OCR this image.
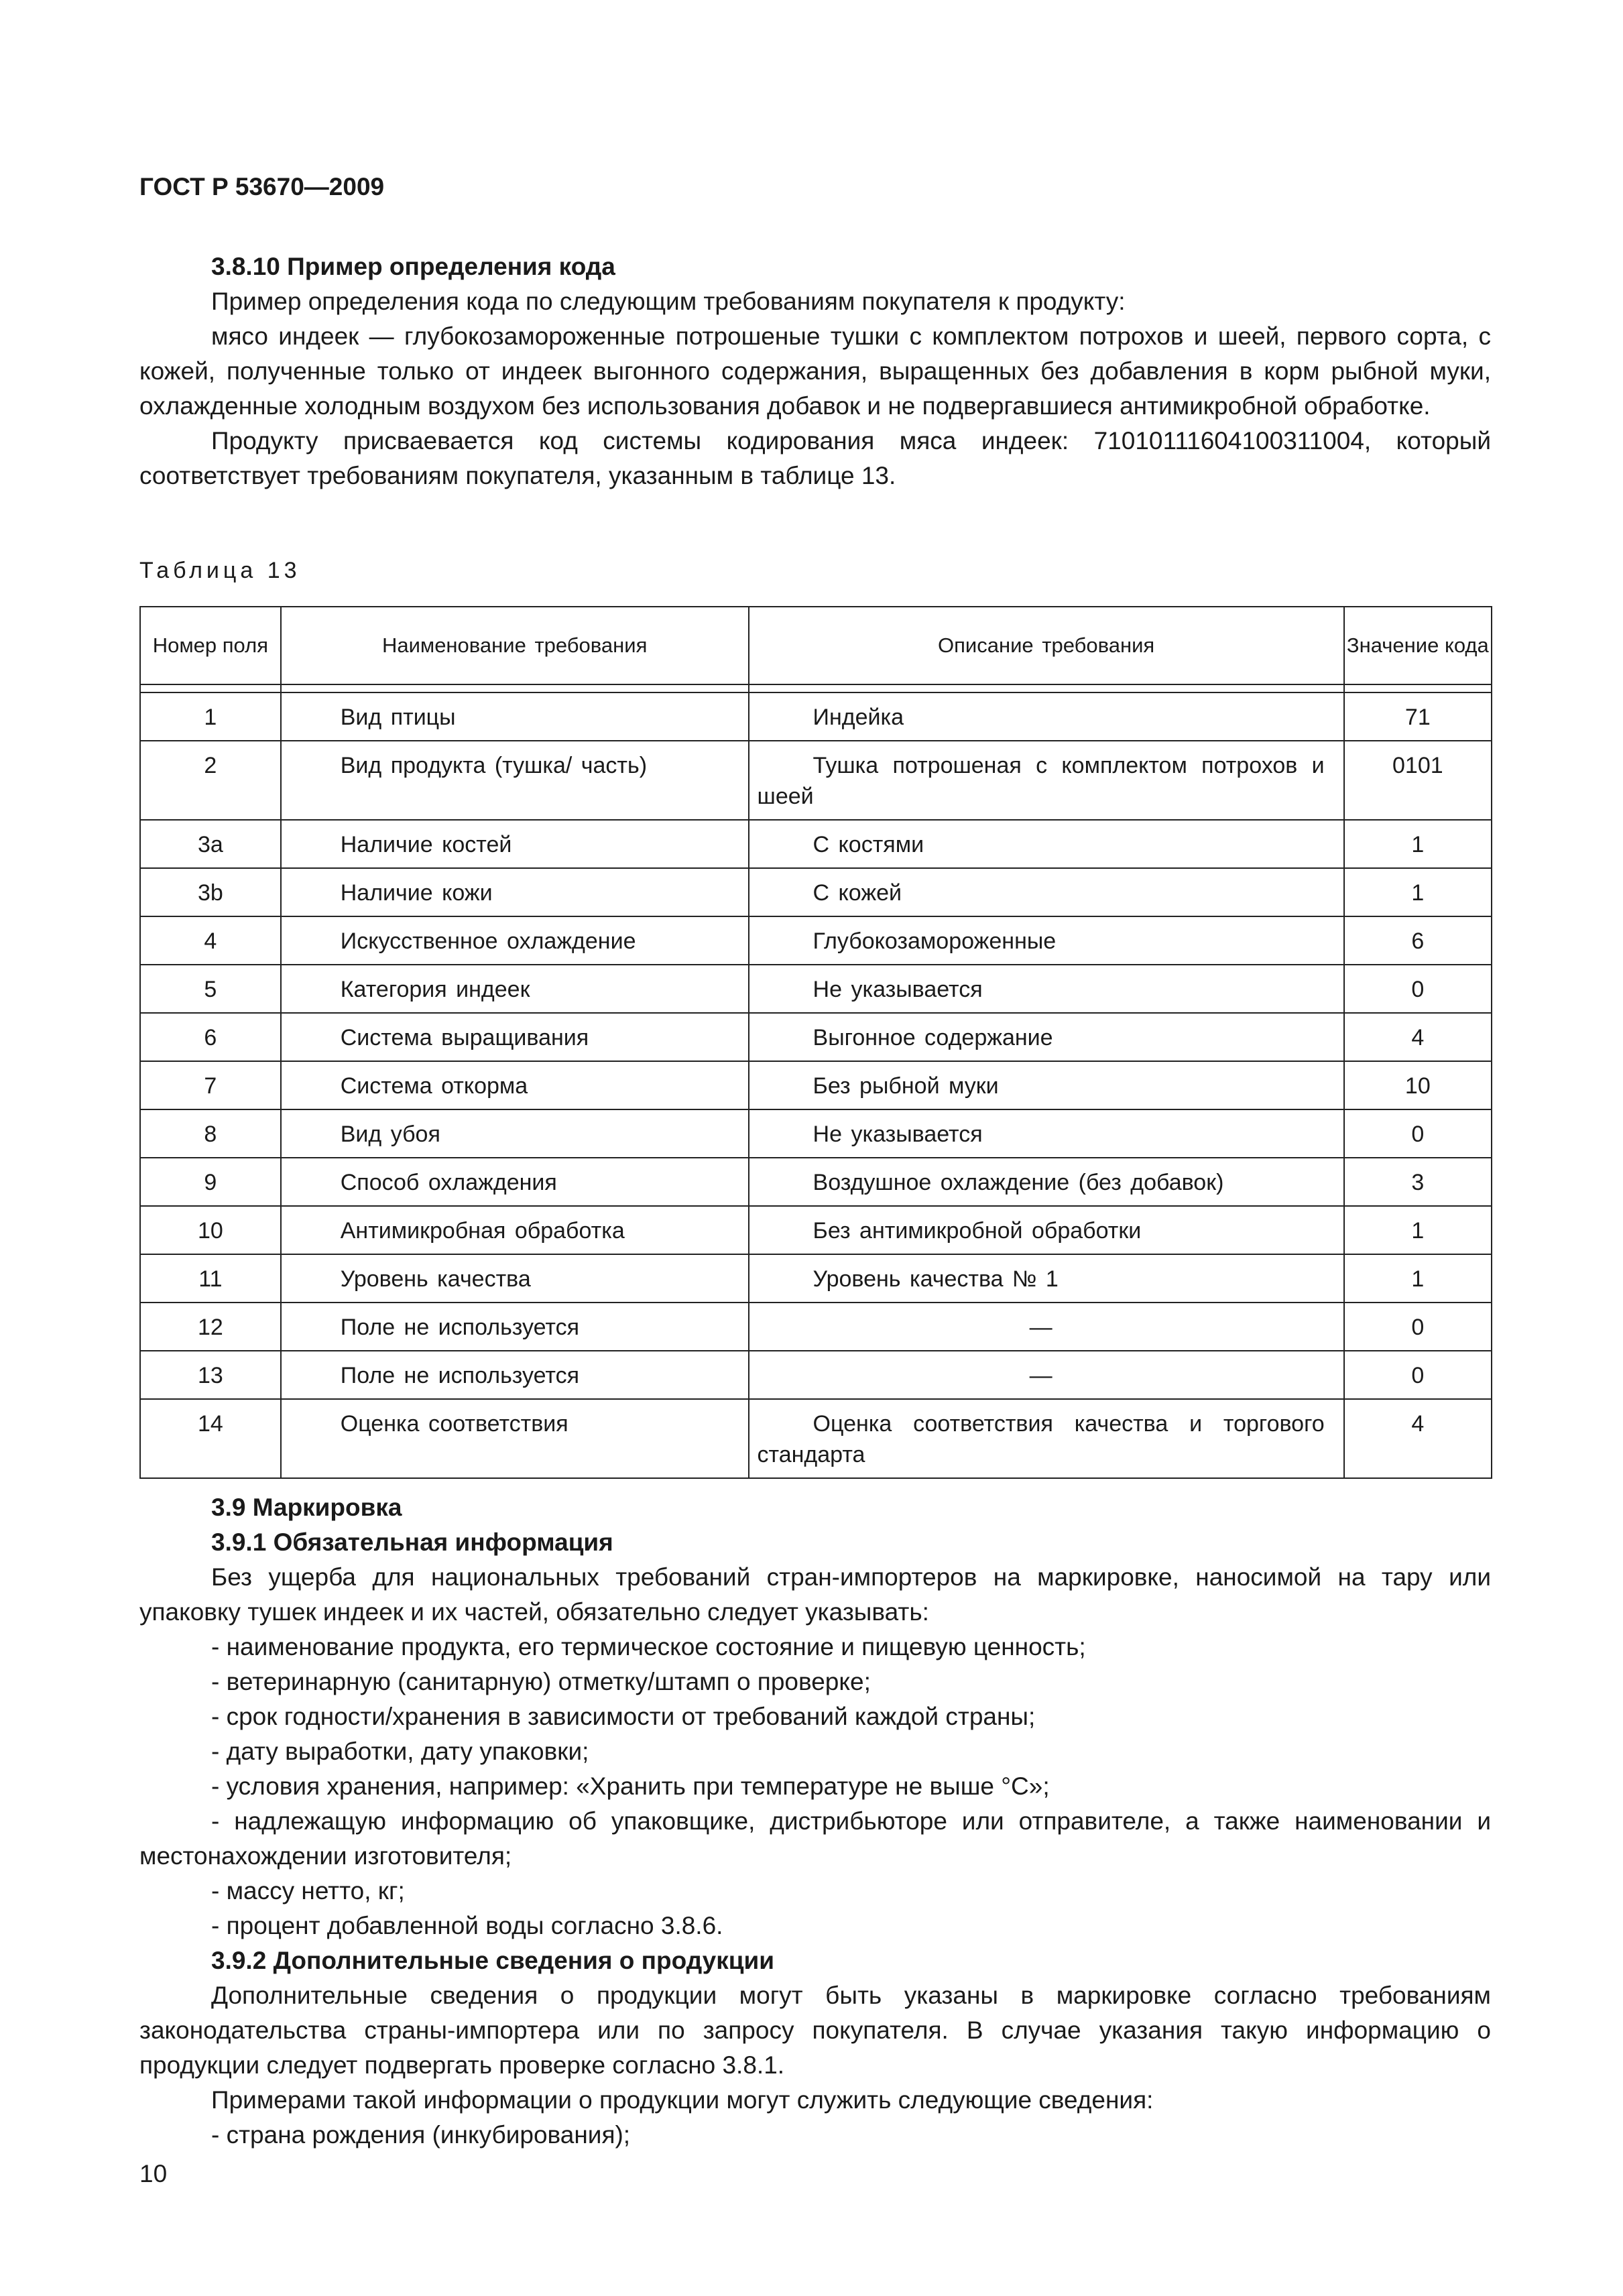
ГОСТ Р 53670—2009

3.8.10 Пример определения кода

Пример определения кода по следующим требованиям покупателя к продукту:

мясо индеек — глубокозамороженные потрошеные тушки с комплектом потрохов и шеей, первого сорта, с кожей, полученные только от индеек выгонного содержания, выращенных без добавления в корм рыбной муки, охлажденные холодным воздухом без использования добавок и не подвергавшиеся антимикробной обработке.

Продукту присваевается код системы кодирования мяса индеек: 71010111604100311004, который соответствует требованиям покупателя, указанным в таблице 13.

Таблица 13
Номер поля	Наименование требования	Описание требования	Значение кода

1	Вид птицы	Индейка	71
2	Вид продукта (тушка/ часть)	Тушка потрошеная с комплектом потрохов и шеей	0101
3a	Наличие костей	С костями	1
3b	Наличие кожи	С кожей	1
4	Искусственное охлаждение	Глубокозамороженные	6
5	Категория индеек	Не указывается	0
6	Система выращивания	Выгонное содержание	4
7	Система откорма	Без рыбной муки	10
8	Вид убоя	Не указывается	0
9	Способ охлаждения	Воздушное охлаждение (без добавок)	3
10	Антимикробная обработка	Без антимикробной обработки	1
11	Уровень качества	Уровень качества № 1	1
12	Поле не используется	—	0
13	Поле не используется	—	0
14	Оценка соответствия	Оценка соответствия качества и торгового стандарта	4

3.9 Маркировка

3.9.1 Обязательная информация

Без ущерба для национальных требований стран-импортеров на маркировке, наносимой на тару или упаковку тушек индеек и их частей, обязательно следует указывать:

- наименование продукта, его термическое состояние и пищевую ценность;

- ветеринарную (санитарную) отметку/штамп о проверке;

- срок годности/хранения в зависимости от требований каждой страны;

- дату выработки, дату упаковки;

- условия хранения, например: «Хранить при температуре не выше °С»;

- надлежащую информацию об упаковщике, дистрибьюторе или отправителе, а также наименовании и местонахождении изготовителя;

- массу нетто, кг;

- процент добавленной воды согласно 3.8.6.

3.9.2 Дополнительные сведения о продукции

Дополнительные сведения о продукции могут быть указаны в маркировке согласно требованиям законодательства страны-импортера или по запросу покупателя. В случае указания такую информацию о продукции следует подвергать проверке согласно 3.8.1.

Примерами такой информации о продукции могут служить следующие сведения:

- страна рождения (инкубирования);

10
